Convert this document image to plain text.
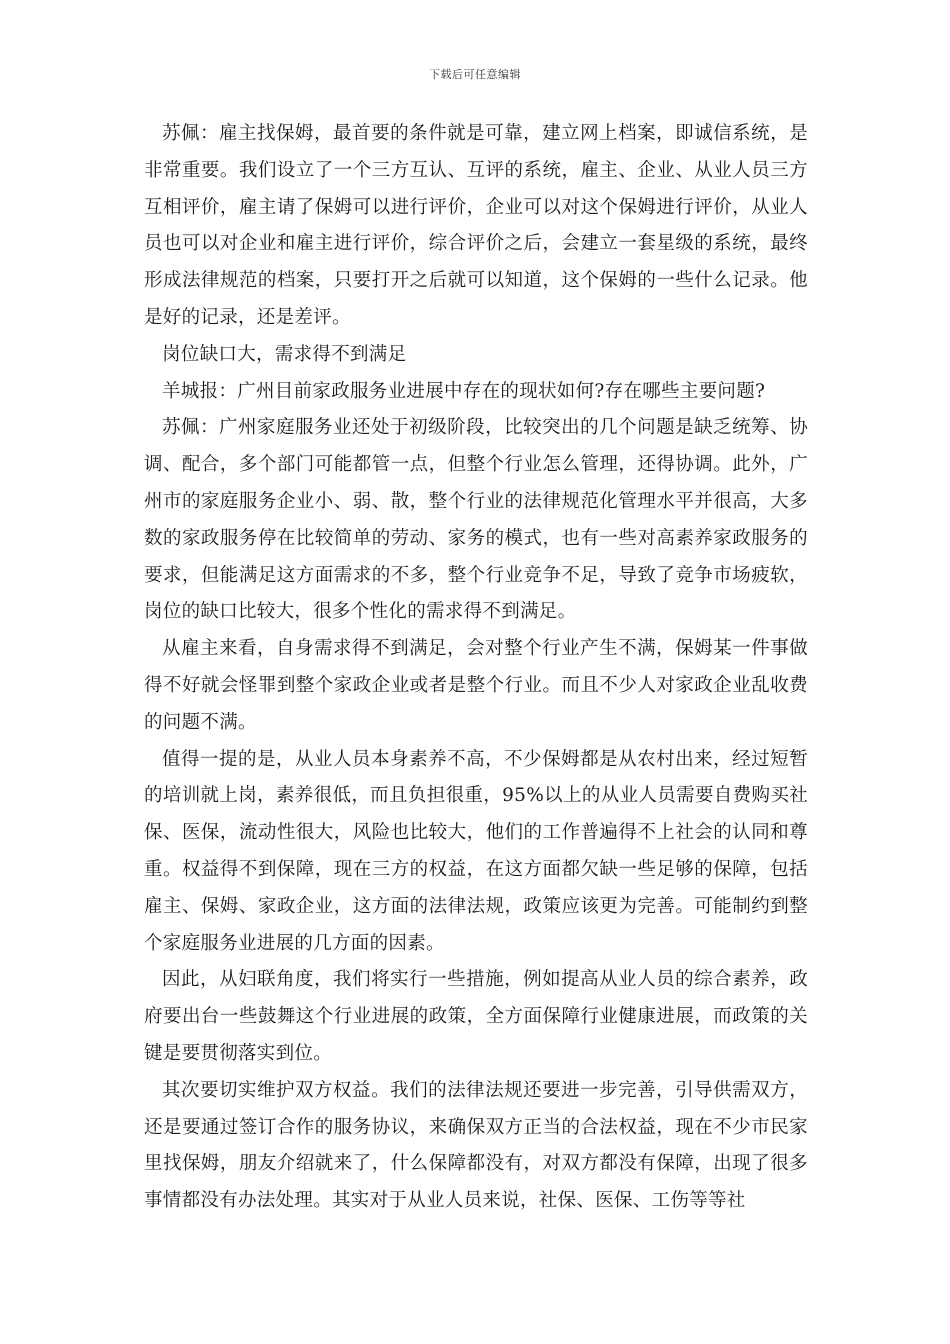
下载后可任意编辑

苏佩：雇主找保姆，最首要的条件就是可靠，建立网上档案，即诚信系统，是非常重要。我们设立了一个三方互认、互评的系统，雇主、企业、从业人员三方互相评价，雇主请了保姆可以进行评价，企业可以对这个保姆进行评价，从业人员也可以对企业和雇主进行评价，综合评价之后，会建立一套星级的系统，最终形成法律规范的档案，只要打开之后就可以知道，这个保姆的一些什么记录。他是好的记录，还是差评。

岗位缺口大，需求得不到满足

羊城报：广州目前家政服务业进展中存在的现状如何?存在哪些主要问题?

苏佩：广州家庭服务业还处于初级阶段，比较突出的几个问题是缺乏统筹、协调、配合，多个部门可能都管一点，但整个行业怎么管理，还得协调。此外，广州市的家庭服务企业小、弱、散，整个行业的法律规范化管理水平并很高，大多数的家政服务停在比较简单的劳动、家务的模式，也有一些对高素养家政服务的要求，但能满足这方面需求的不多，整个行业竞争不足，导致了竞争市场疲软，岗位的缺口比较大，很多个性化的需求得不到满足。

从雇主来看，自身需求得不到满足，会对整个行业产生不满，保姆某一件事做得不好就会怪罪到整个家政企业或者是整个行业。而且不少人对家政企业乱收费的问题不满。

值得一提的是，从业人员本身素养不高，不少保姆都是从农村出来，经过短暂的培训就上岗，素养很低，而且负担很重，95%以上的从业人员需要自费购买社保、医保，流动性很大，风险也比较大，他们的工作普遍得不上社会的认同和尊重。权益得不到保障，现在三方的权益，在这方面都欠缺一些足够的保障，包括雇主、保姆、家政企业，这方面的法律法规，政策应该更为完善。可能制约到整个家庭服务业进展的几方面的因素。

因此，从妇联角度，我们将实行一些措施，例如提高从业人员的综合素养，政府要出台一些鼓舞这个行业进展的政策，全方面保障行业健康进展，而政策的关键是要贯彻落实到位。

其次要切实维护双方权益。我们的法律法规还要进一步完善，引导供需双方，还是要通过签订合作的服务协议，来确保双方正当的合法权益，现在不少市民家里找保姆，朋友介绍就来了，什么保障都没有，对双方都没有保障，出现了很多事情都没有办法处理。其实对于从业人员来说，社保、医保、工伤等等社
